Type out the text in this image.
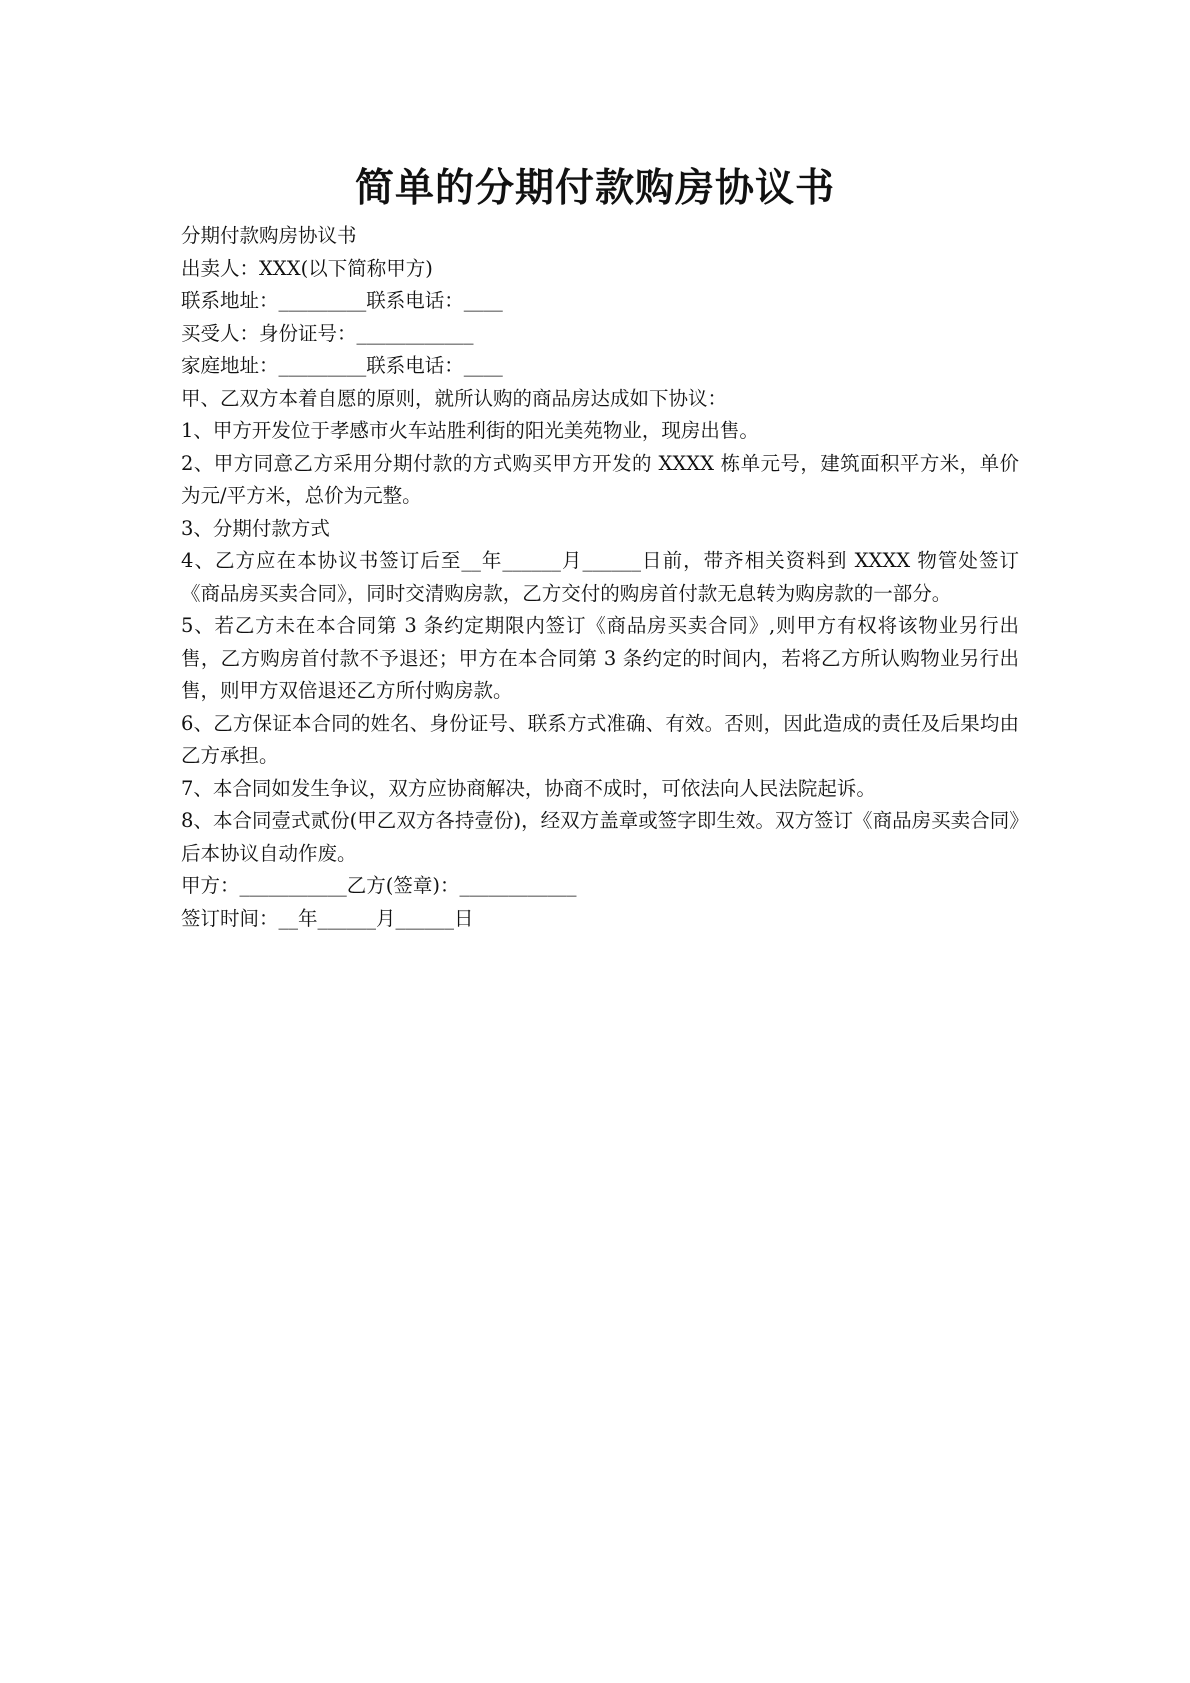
简单的分期付款购房协议书

分期付款购房协议书

出卖人：XXX(以下简称甲方)

联系地址：_________联系电话：____

买受人：身份证号：____________

家庭地址：_________联系电话：____

甲、乙双方本着自愿的原则，就所认购的商品房达成如下协议：

1、甲方开发位于孝感市火车站胜利街的阳光美苑物业，现房出售。

2、甲方同意乙方采用分期付款的方式购买甲方开发的 XXXX 栋单元号，建筑面积平方米，单价为元/平方米，总价为元整。

3、分期付款方式

4、乙方应在本协议书签订后至__年______月______日前，带齐相关资料到 XXXX 物管处签订《商品房买卖合同》，同时交清购房款，乙方交付的购房首付款无息转为购房款的一部分。

5、若乙方未在本合同第 3 条约定期限内签订《商品房买卖合同》,则甲方有权将该物业另行出售，乙方购房首付款不予退还；甲方在本合同第 3 条约定的时间内，若将乙方所认购物业另行出售，则甲方双倍退还乙方所付购房款。

6、乙方保证本合同的姓名、身份证号、联系方式准确、有效。否则，因此造成的责任及后果均由乙方承担。

7、本合同如发生争议，双方应协商解决，协商不成时，可依法向人民法院起诉。

8、本合同壹式贰份(甲乙双方各持壹份)，经双方盖章或签字即生效。双方签订《商品房买卖合同》后本协议自动作废。

甲方：___________乙方(签章)：____________

签订时间：__年______月______日
